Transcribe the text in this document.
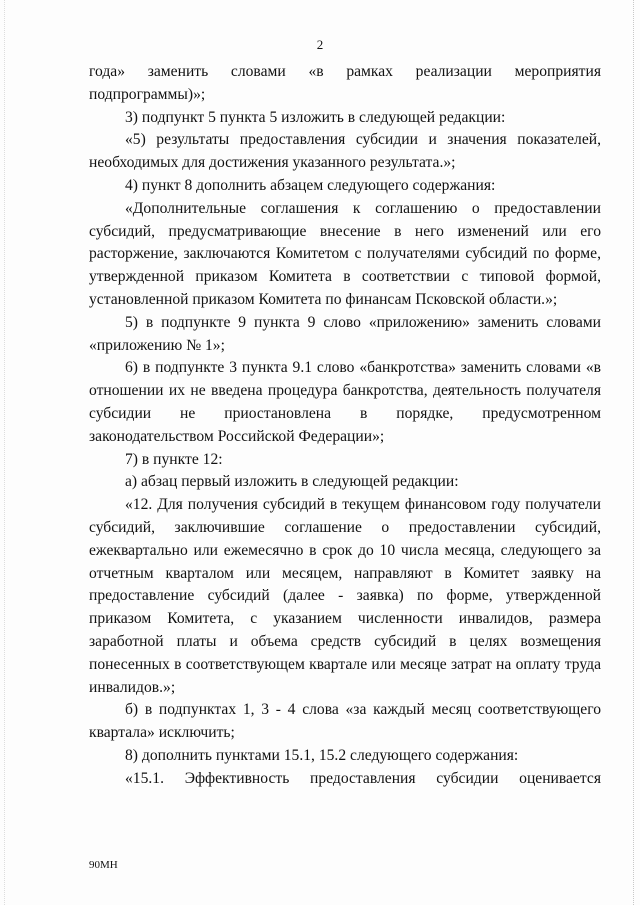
2

года» заменить словами «в рамках реализации мероприятия

подпрограммы)»;

3) подпункт 5 пункта 5 изложить в следующей редакции:

«5) результаты предоставления субсидии и значения показателей, необходимых для достижения указанного результата.»;

4) пункт 8 дополнить абзацем следующего содержания:

«Дополнительные соглашения к соглашению о предоставлении субсидий, предусматривающие внесение в него изменений или его расторжение, заключаются Комитетом с получателями субсидий по форме, утвержденной приказом Комитета в соответствии с типовой формой, установленной приказом Комитета по финансам Псковской области.»;

5) в подпункте 9 пункта 9 слово «приложению» заменить словами «приложению № 1»;

6) в подпункте 3 пункта 9.1 слово «банкротства» заменить словами «в отношении их не введена процедура банкротства, деятельность получателя субсидии не приостановлена в порядке, предусмотренном законодательством Российской Федерации»;

7) в пункте 12:

а) абзац первый изложить в следующей редакции:

«12. Для получения субсидий в текущем финансовом году получатели субсидий, заключившие соглашение о предоставлении субсидий, ежеквартально или ежемесячно в срок до 10 числа месяца, следующего за отчетным кварталом или месяцем, направляют в Комитет заявку на предоставление субсидий (далее - заявка) по форме, утвержденной приказом Комитета, с указанием численности инвалидов, размера заработной платы и объема средств субсидий в целях возмещения понесенных в соответствующем квартале или месяце затрат на оплату труда инвалидов.»;

б) в подпунктах 1, 3 - 4 слова «за каждый месяц соответствующего квартала» исключить;

8) дополнить пунктами 15.1, 15.2 следующего содержания:

«15.1. Эффективность предоставления субсидии оценивается

90МН
